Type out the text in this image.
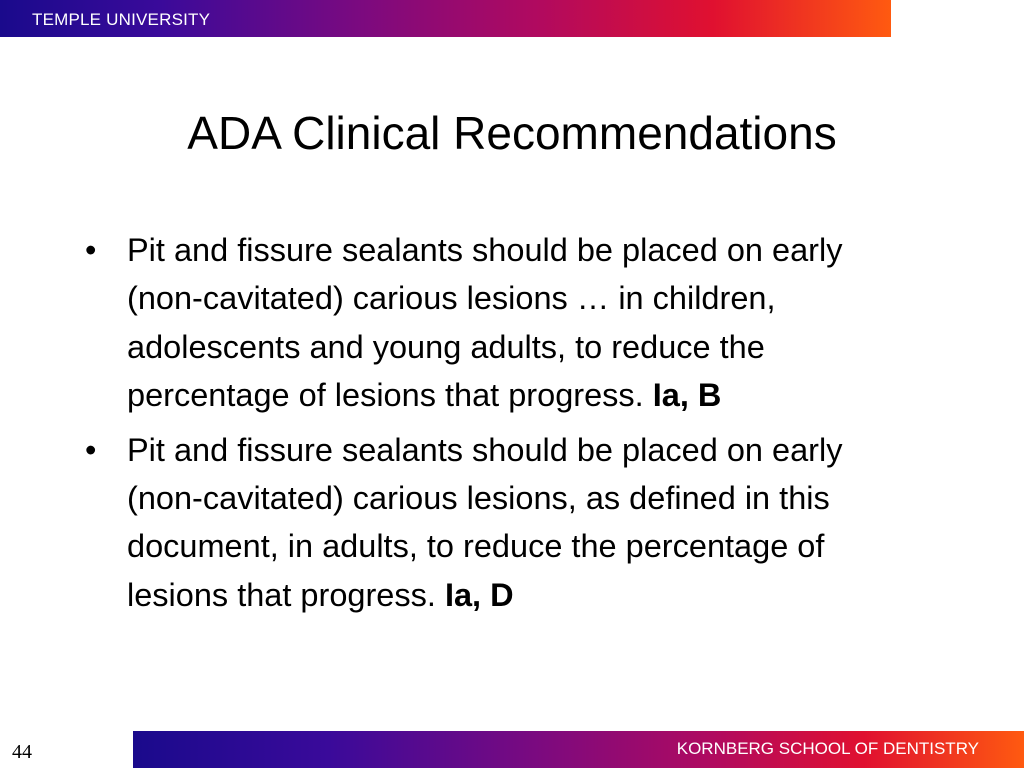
TEMPLE UNIVERSITY
ADA Clinical Recommendations
• Pit and fissure sealants should be placed on early (non-cavitated) carious lesions … in children, adolescents and young adults, to reduce the percentage of lesions that progress. Ia, B
• Pit and fissure sealants should be placed on early (non-cavitated) carious lesions, as defined in this document, in adults, to reduce the percentage of lesions that progress. Ia, D
44	KORNBERG SCHOOL OF DENTISTRY
